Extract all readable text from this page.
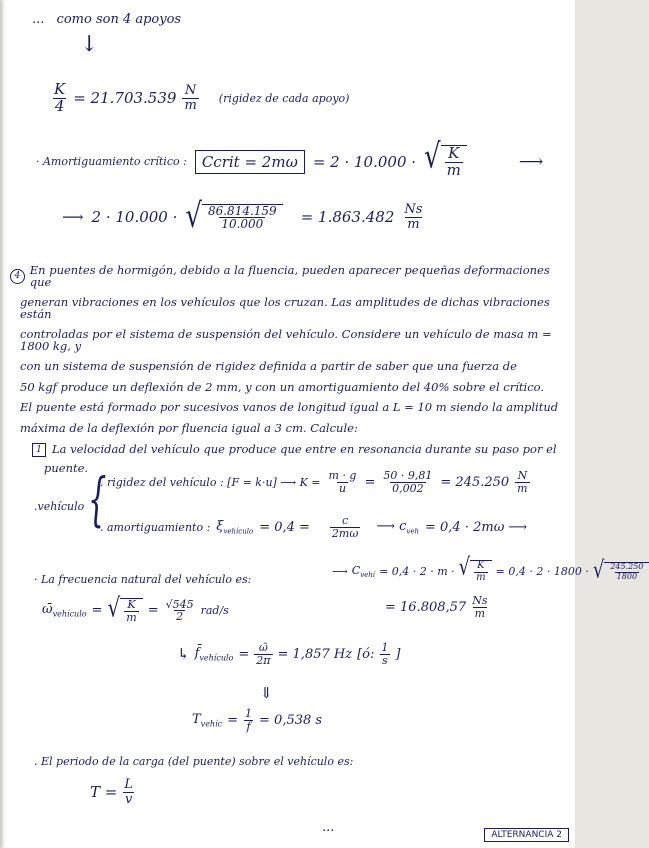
... como son 4 apoyos
↓
$\frac{K}{4} = 21.703.539 \frac{N}{m}$ (rigidez de cada apoyo)
· Amortiguamiento crítico :	Ccrit = 2mω	= 2 · 10.000 · √ $\frac{K}{m}$	⟶
⟶ 2 · 10.000 · √ $\frac{86.814.159}{10.000} = 1.863.482 \frac{Ns}{m}$
4 En puentes de hormigón, debido a la fluencia, pueden aparecer pequeñas deformaciones que
generan vibraciones en los vehículos que los cruzan. Las amplitudes de dichas vibraciones están
controladas por el sistema de suspensión del vehículo. Considere un vehículo de masa m = 1800 kg, y
con un sistema de suspensión de rigidez definida a partir de saber que una fuerza de
50 kgf produce un deflexión de 2 mm, y con un amortiguamiento del 40% sobre el crítico.
El puente está formado por sucesivos vanos de longitud igual a L = 10 m siendo la amplitud
máxima de la deflexión por fluencia igual a 3 cm. Calcule:
1 La velocidad del vehículo que produce que entre en resonancia durante su paso por el
puente.
.vehículo {
. rigidez del vehículo : [F = k·u] ⟶ $K = \frac{m \cdot g}{u} = \frac{50 \cdot 9,81}{0,002} = 245.250 \frac{N}{m}$
. amortiguamiento : $\xi_{vehículo} = 0,4 = \frac{c}{2m\omega}$ ⟶ $c_{veh} = 0,4 \cdot 2m\omega$ ⟶
⟶ $C_{vehí} = 0,4 \cdot 2 \cdot m$ · √ $\frac{K}{m} = 0,4 \cdot 2 \cdot 1800$ · √ $\frac{245.250}{1800}$
= $16.808,57 \frac{Ns}{m}$
· La frecuencia natural del vehículo es:
$\omegā_{vehículo}$ = √ $\frac{K}{m} = \frac{√545}{2} rad/s$
↳ $f̄_{vehículo} = \frac{\omegā}{2\pi} = 1,857$ Hz [ó: $\frac{1}{s}$ ]
⇓
$T_{vehíc} = \frac{1}{f} = 0,538$ s
. El periodo de la carga (del puente) sobre el vehículo es:
$T = \frac{L}{v}$
...	ALTERNANCIA 2
